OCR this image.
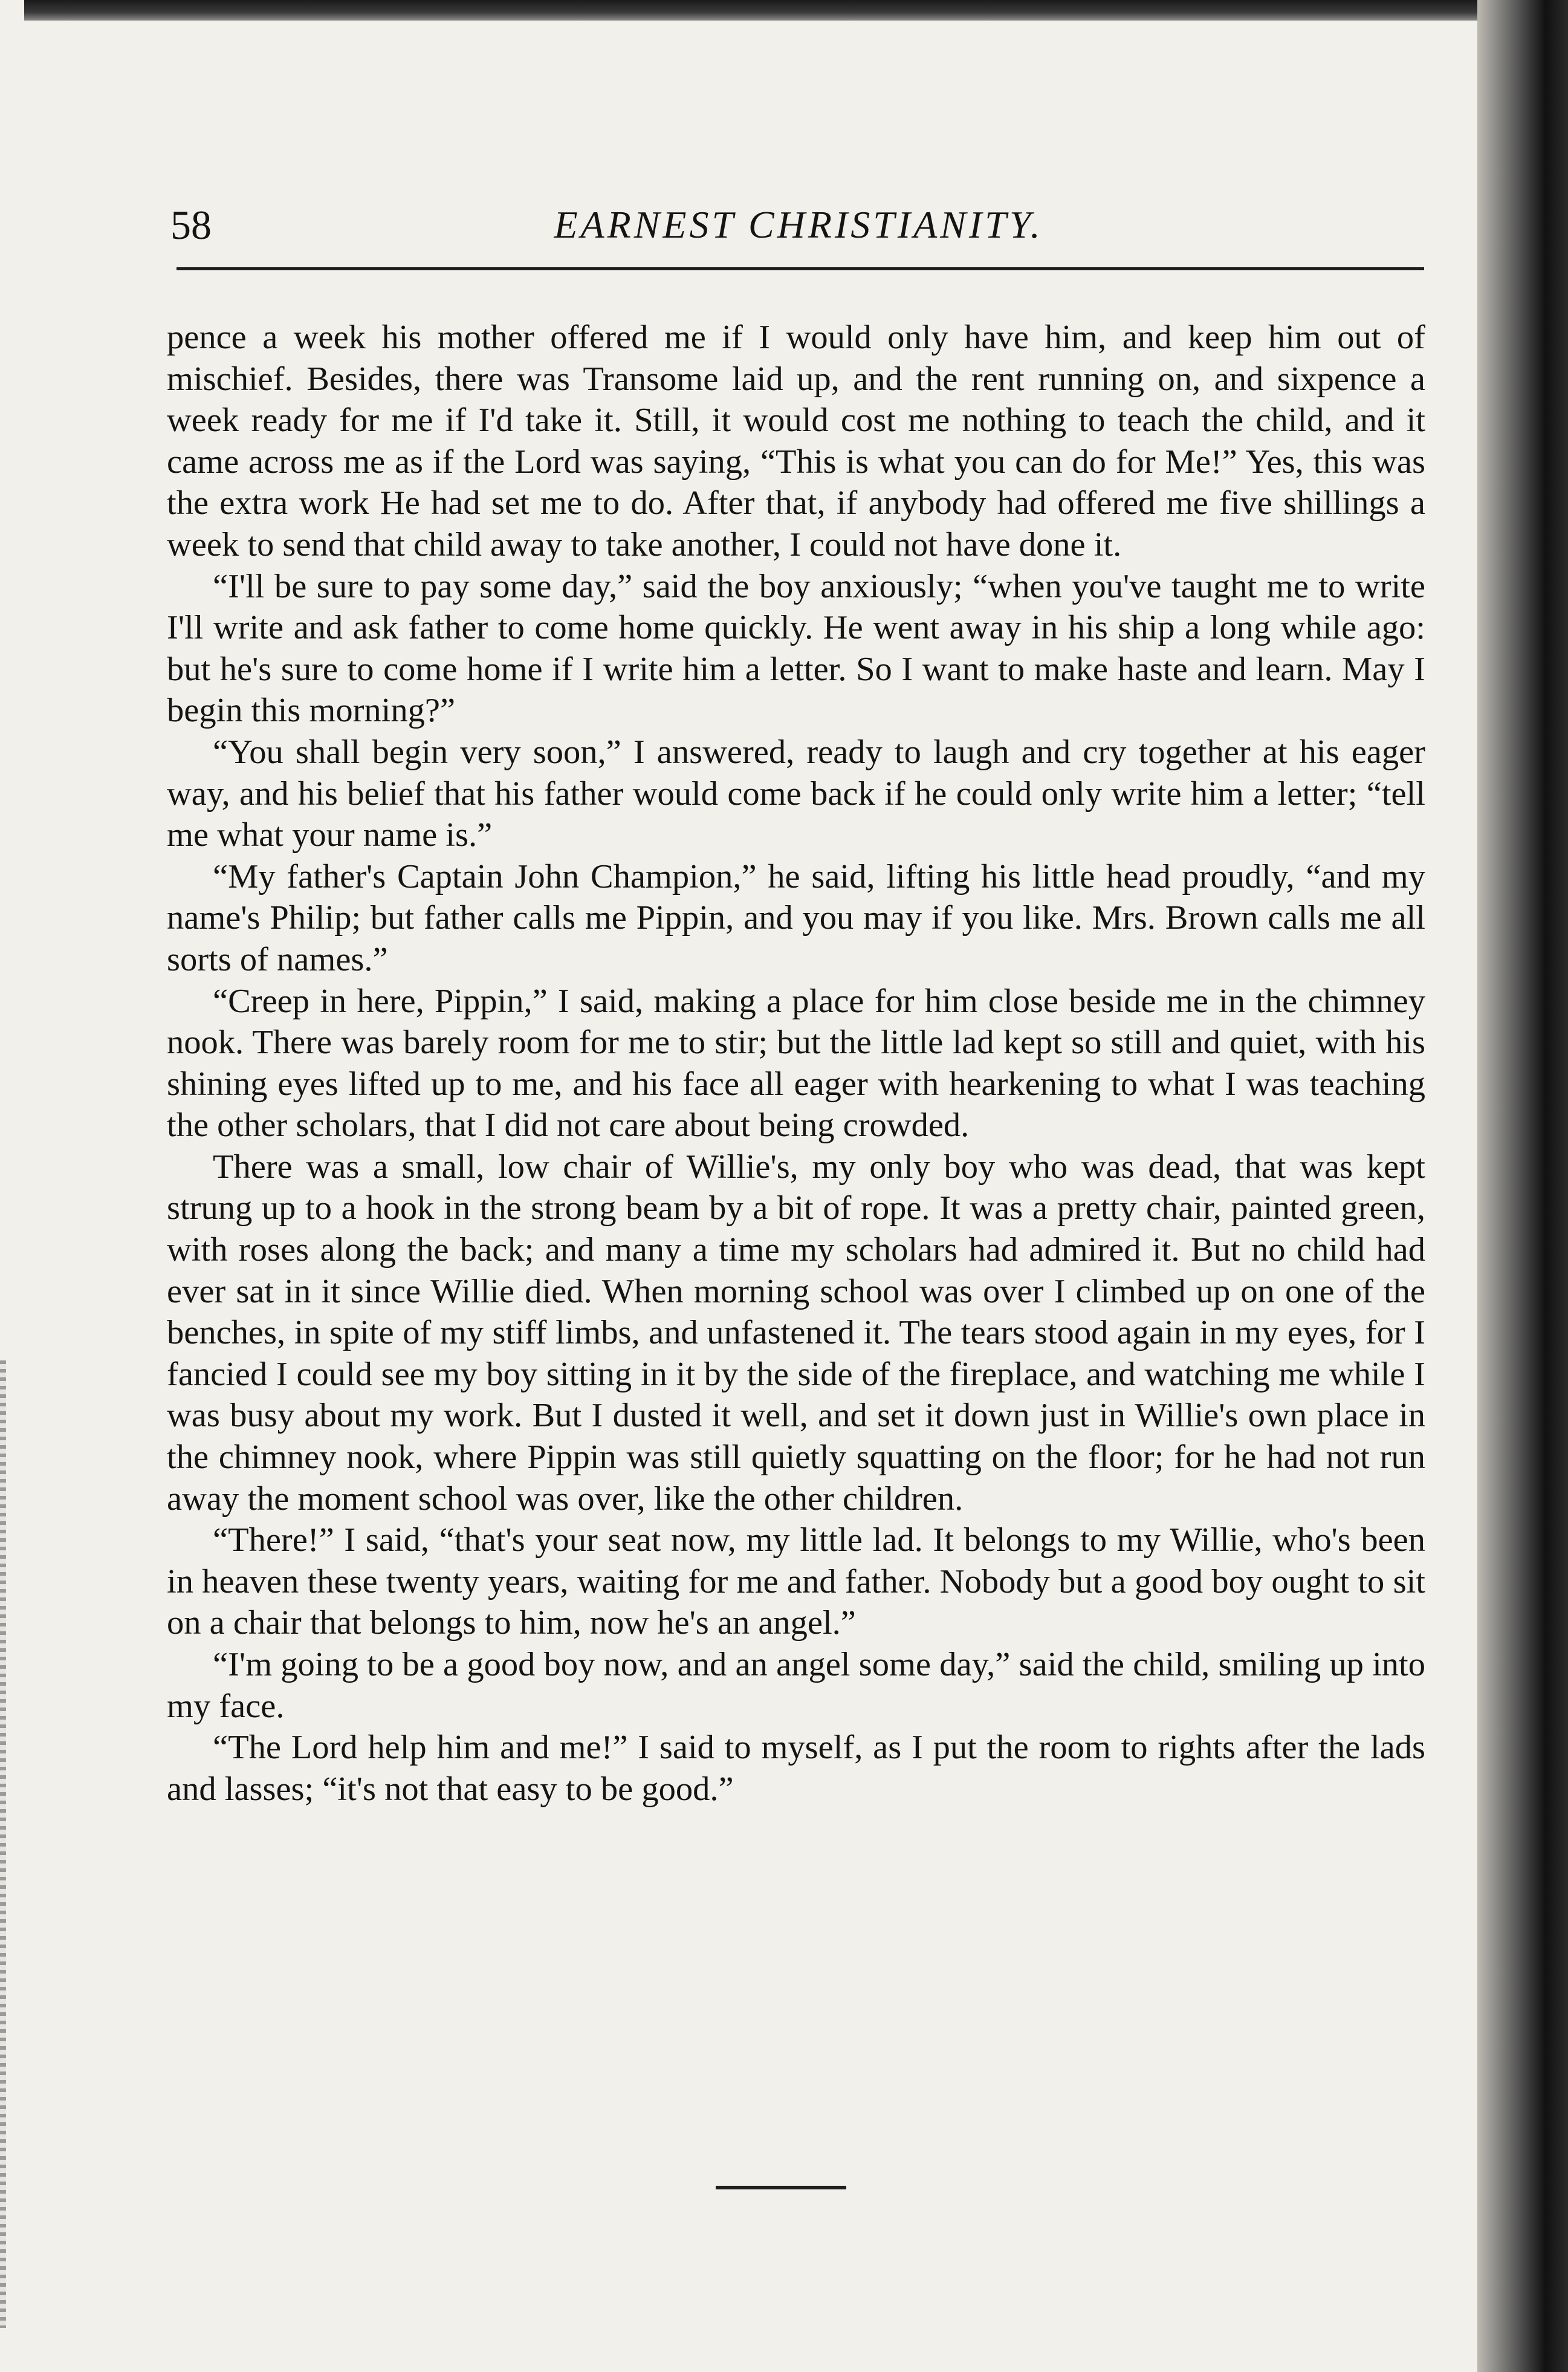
58	EARNEST CHRISTIANITY.

pence a week his mother offered me if I would only have him, and keep him out of mischief. Besides, there was Transome laid up, and the rent running on, and sixpence a week ready for me if I'd take it. Still, it would cost me nothing to teach the child, and it came across me as if the Lord was saying, “This is what you can do for Me!” Yes, this was the extra work He had set me to do. After that, if anybody had offered me five shillings a week to send that child away to take another, I could not have done it.

“I'll be sure to pay some day,” said the boy anxiously; “when you've taught me to write I'll write and ask father to come home quickly. He went away in his ship a long while ago: but he's sure to come home if I write him a letter. So I want to make haste and learn. May I begin this morning?”

“You shall begin very soon,” I answered, ready to laugh and cry together at his eager way, and his belief that his father would come back if he could only write him a letter; “tell me what your name is.”

“My father's Captain John Champion,” he said, lifting his little head proudly, “and my name's Philip; but father calls me Pippin, and you may if you like. Mrs. Brown calls me all sorts of names.”

“Creep in here, Pippin,” I said, making a place for him close beside me in the chimney nook. There was barely room for me to stir; but the little lad kept so still and quiet, with his shining eyes lifted up to me, and his face all eager with hearkening to what I was teaching the other scholars, that I did not care about being crowded.

There was a small, low chair of Willie's, my only boy who was dead, that was kept strung up to a hook in the strong beam by a bit of rope. It was a pretty chair, painted green, with roses along the back; and many a time my scholars had admired it. But no child had ever sat in it since Willie died. When morning school was over I climbed up on one of the benches, in spite of my stiff limbs, and unfastened it. The tears stood again in my eyes, for I fancied I could see my boy sitting in it by the side of the fireplace, and watching me while I was busy about my work. But I dusted it well, and set it down just in Willie's own place in the chimney nook, where Pippin was still quietly squatting on the floor; for he had not run away the moment school was over, like the other children.

“There!” I said, “that's your seat now, my little lad. It belongs to my Willie, who's been in heaven these twenty years, waiting for me and father. Nobody but a good boy ought to sit on a chair that belongs to him, now he's an angel.”

“I'm going to be a good boy now, and an angel some day,” said the child, smiling up into my face.

“The Lord help him and me!” I said to myself, as I put the room to rights after the lads and lasses; “it's not that easy to be good.”
